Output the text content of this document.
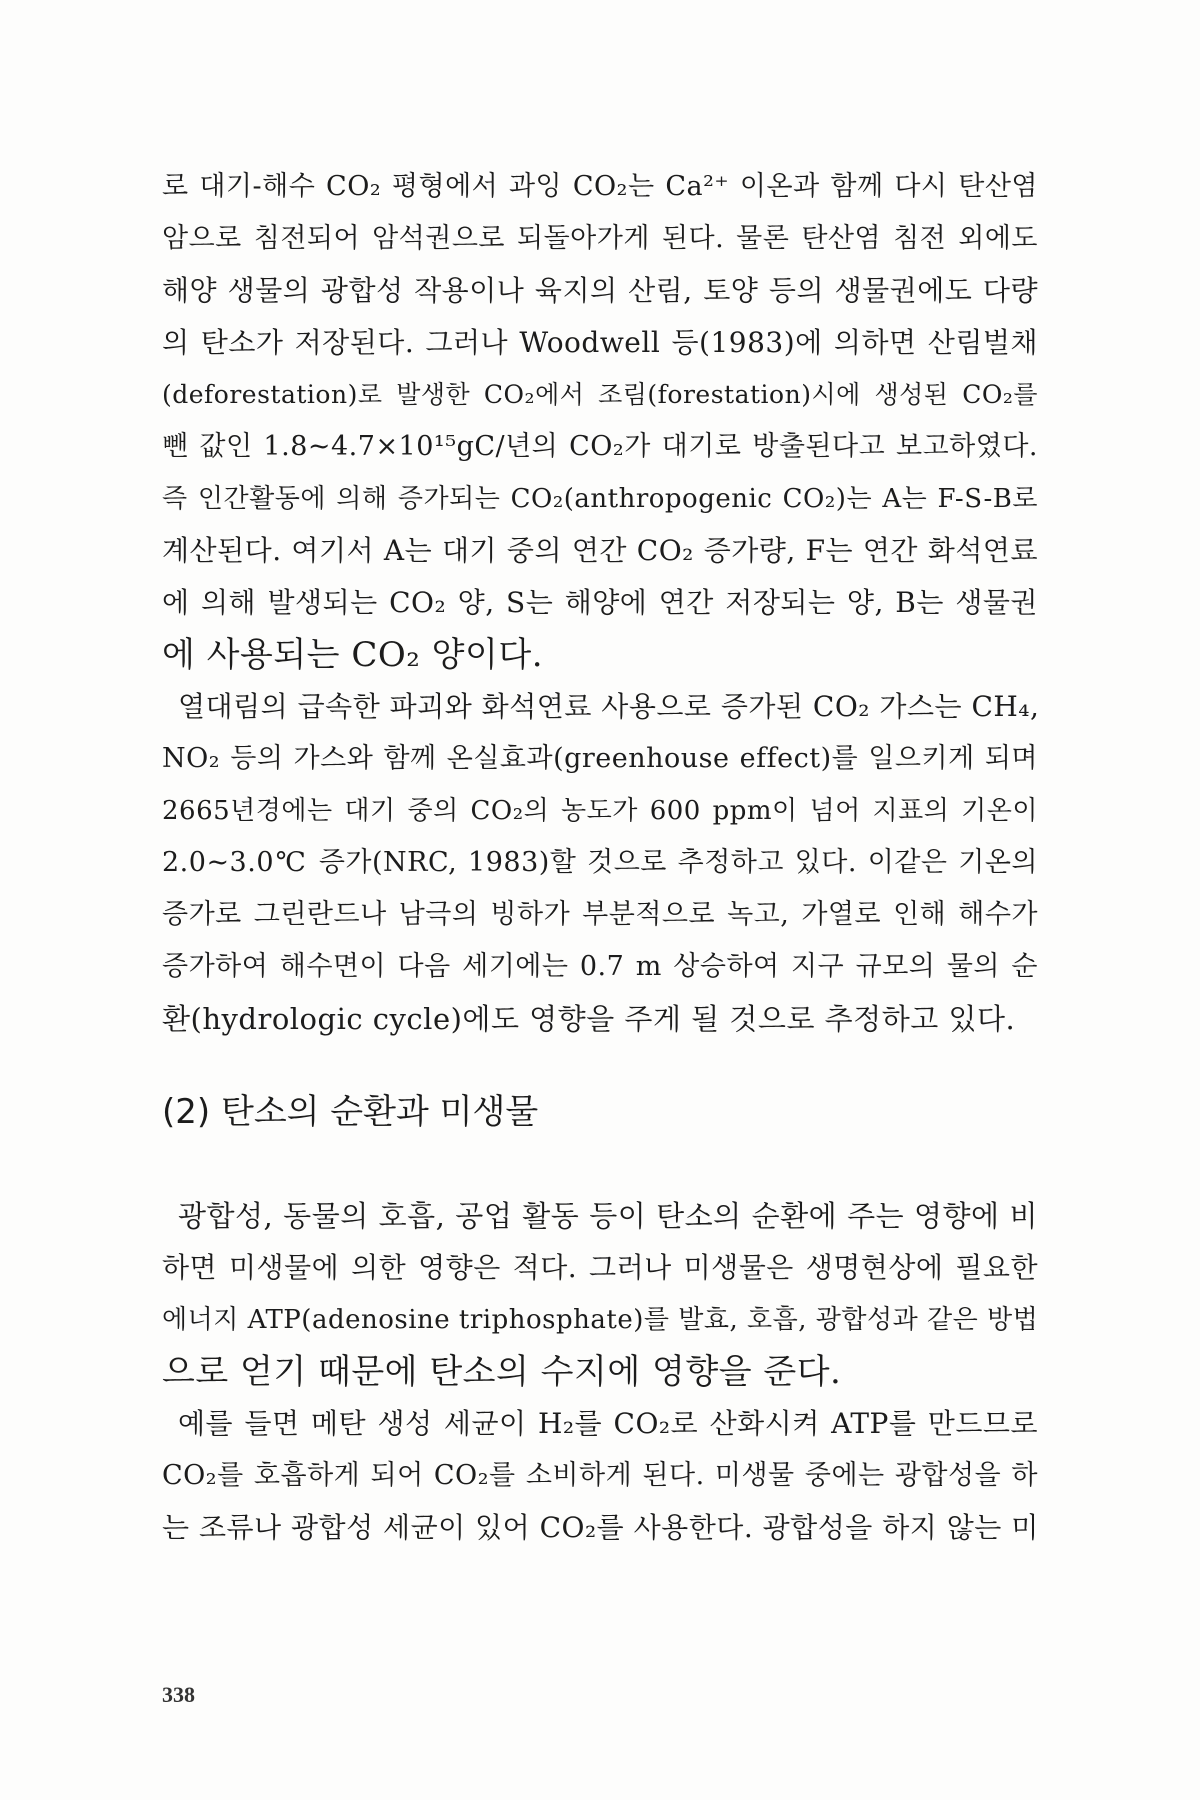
로 대기-해수 CO₂ 평형에서 과잉 CO₂는 Ca²⁺ 이온과 함께 다시 탄산염
암으로 침전되어 암석권으로 되돌아가게 된다. 물론 탄산염 침전 외에도
해양 생물의 광합성 작용이나 육지의 산림, 토양 등의 생물권에도 다량
의 탄소가 저장된다. 그러나 Woodwell 등(1983)에 의하면 산림벌채
(deforestation)로 발생한 CO₂에서 조림(forestation)시에 생성된 CO₂를
뺀 값인 1.8~4.7×10¹⁵gC/년의 CO₂가 대기로 방출된다고 보고하였다.
즉 인간활동에 의해 증가되는 CO₂(anthropogenic CO₂)는 A는 F-S-B로
계산된다. 여기서 A는 대기 중의 연간 CO₂ 증가량, F는 연간 화석연료
에 의해 발생되는 CO₂ 양, S는 해양에 연간 저장되는 양, B는 생물권
에 사용되는 CO₂ 양이다.
열대림의 급속한 파괴와 화석연료 사용으로 증가된 CO₂ 가스는 CH₄,
NO₂ 등의 가스와 함께 온실효과(greenhouse effect)를 일으키게 되며
2665년경에는 대기 중의 CO₂의 농도가 600 ppm이 넘어 지표의 기온이
2.0~3.0℃ 증가(NRC, 1983)할 것으로 추정하고 있다. 이같은 기온의
증가로 그린란드나 남극의 빙하가 부분적으로 녹고, 가열로 인해 해수가
증가하여 해수면이 다음 세기에는 0.7 m 상승하여 지구 규모의 물의 순
환(hydrologic cycle)에도 영향을 주게 될 것으로 추정하고 있다.
(2) 탄소의 순환과 미생물
광합성, 동물의 호흡, 공업 활동 등이 탄소의 순환에 주는 영향에 비
하면 미생물에 의한 영향은 적다. 그러나 미생물은 생명현상에 필요한
에너지 ATP(adenosine triphosphate)를 발효, 호흡, 광합성과 같은 방법
으로 얻기 때문에 탄소의 수지에 영향을 준다.
예를 들면 메탄 생성 세균이 H₂를 CO₂로 산화시켜 ATP를 만드므로
CO₂를 호흡하게 되어 CO₂를 소비하게 된다. 미생물 중에는 광합성을 하
는 조류나 광합성 세균이 있어 CO₂를 사용한다. 광합성을 하지 않는 미
338
